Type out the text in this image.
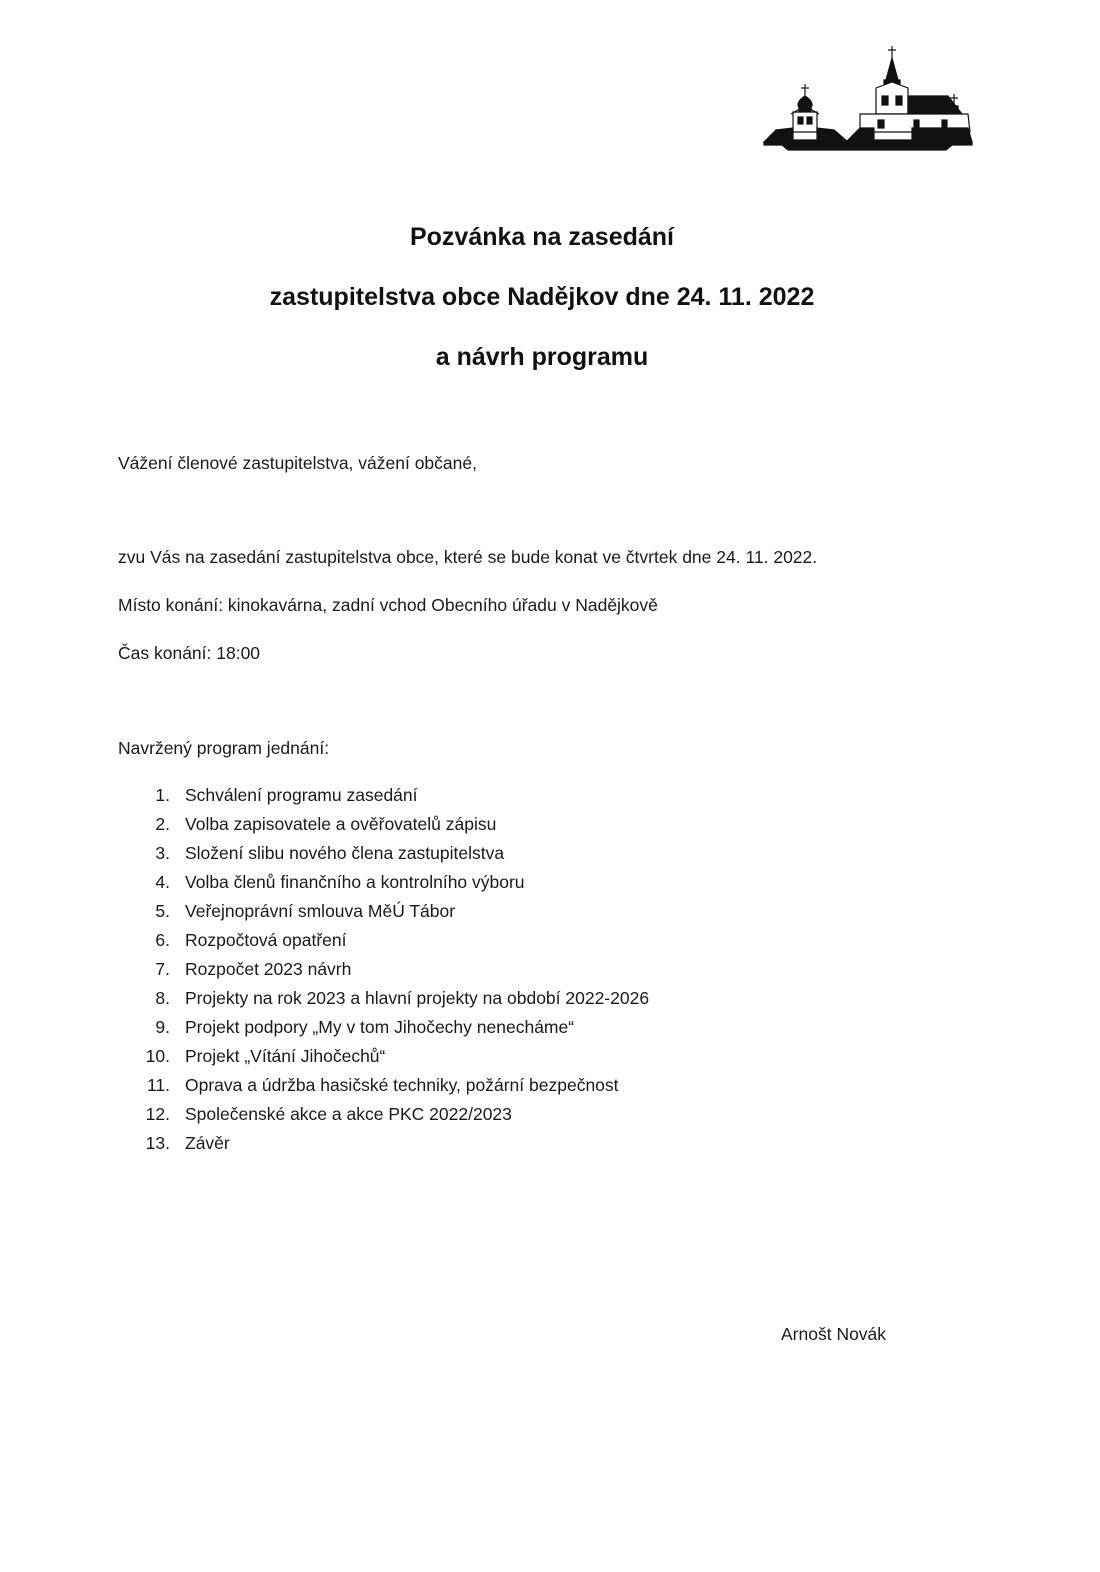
Pozvánka na zasedání
zastupitelstva obce Nadějkov dne 24. 11. 2022
a návrh programu
Vážení členové zastupitelstva, vážení občané,
zvu Vás na zasedání zastupitelstva obce, které se bude konat ve čtvrtek dne 24. 11. 2022.
Místo konání: kinokavárna, zadní vchod Obecního úřadu v Nadějkově
Čas konání: 18:00
Navržený program jednání:
1. Schválení programu zasedání
2. Volba zapisovatele a ověřovatelů zápisu
3. Složení slibu nového člena zastupitelstva
4. Volba členů finančního a kontrolního výboru
5. Veřejnoprávní smlouva MěÚ Tábor
6. Rozpočtová opatření
7. Rozpočet 2023 návrh
8. Projekty na rok 2023 a hlavní projekty na období 2022-2026
9. Projekt podpory „My v tom Jihočechy nenecháme“
10. Projekt „Vítání Jihočechů“
11. Oprava a údržba hasičské techniky, požární bezpečnost
12. Společenské akce a akce PKC 2022/2023
13. Závěr
Arnošt Novák
